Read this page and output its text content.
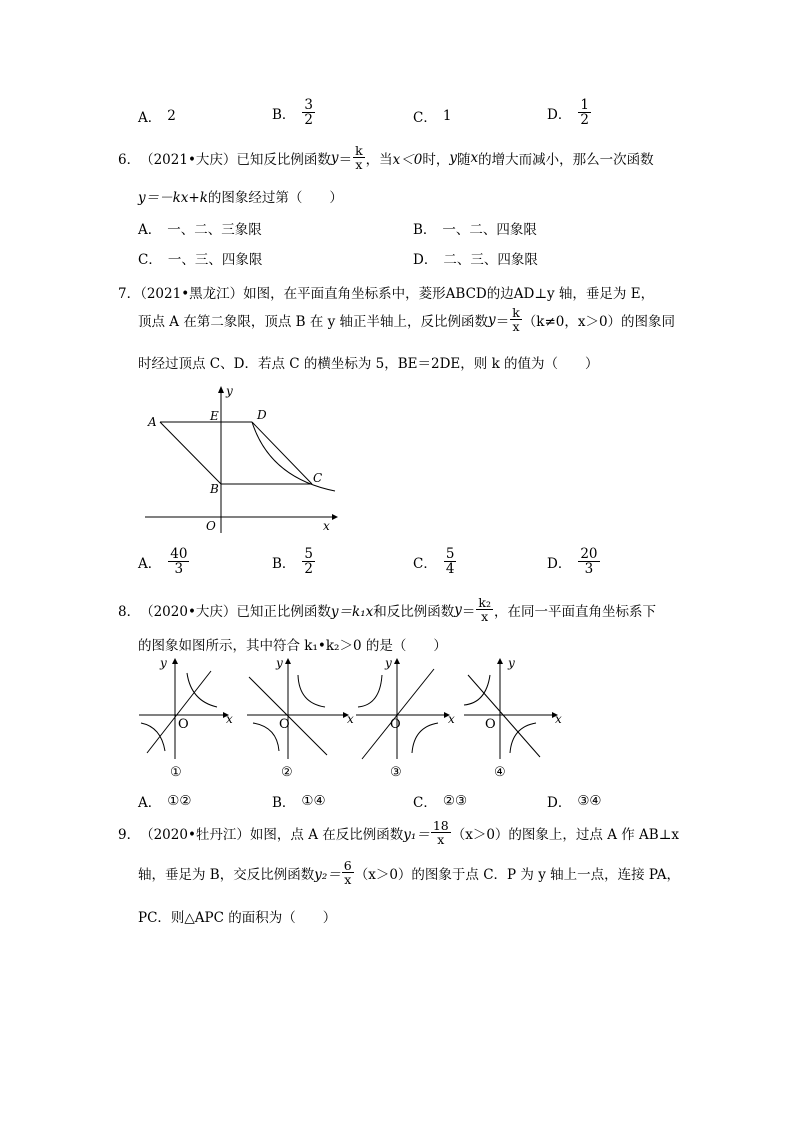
A． 2	B． $\frac{3}{2}$	C． 1	D． $\frac{1}{2}$
6． （2021•大庆） 已知反比例函数 $y = \frac{k}{x}$ ，当 x＜0 时， y 随 x 的增大而减小，那么一次函数
y＝－kx+k的图象经过第（　　）
A． 一、二、三象限	B． 一、二、四象限
C． 一、三、四象限	D． 二、三、四象限
7．（2021•黑龙江）如图，在平面直角坐标系中，菱形ABCD的边AD⊥y 轴，垂足为 E，
顶点 A 在第二象限，顶点 B 在 y 轴正半轴上，反比例函数 $y = \frac{k}{x} (k\ne 0$，x＞0）的图象同
时经过顶点 C、D．若点 C 的横坐标为 5，BE＝2DE，则 k 的值为（　　）
A
B
C
D
E
O	x
y
A． $\frac{40}{3}$	B． $\frac{5}{2}$	C． $\frac{5}{4}$	D． $\frac{20}{3}$
8． （2020•大庆） 已知正比例函数 y＝k₁x 和反比例函数 $y = \frac{\text{k₂}}{x}$ ，在同一平面直角坐标系下
的图象如图所示，其中符合 k₁•k₂＞0 的是（　　）
y
x
O
①
y
x
O
②
y
x
O
③
y
x
O
④
A． ①②	B． ①④	C． ②③	D． ③④
9． （2020•牡丹江） 如图，点 A 在反比例函数 $y_1= \frac{18}{x} (x>0)$的图象上，过点 A 作 AB⊥x
轴，垂足为 B，交反比例函数 $y_2= \frac{6}{x} (x>0)$的图象于点 C．P 为 y 轴上一点，连接 PA，
PC．则△APC 的面积为（　　）
